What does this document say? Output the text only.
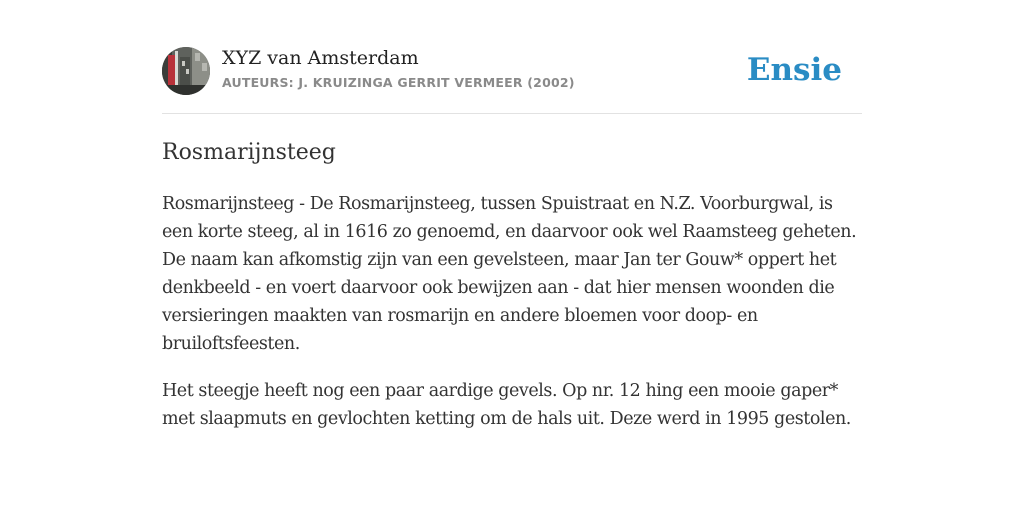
XYZ van Amsterdam
AUTEURS: J. KRUIZINGA GERRIT VERMEER (2002)	Ensie
Rosmarijnsteeg

Rosmarijnsteeg - De Rosmarijnsteeg, tussen Spuistraat en N.Z. Voorburgwal, is een korte steeg, al in 1616 zo genoemd, en daarvoor ook wel Raamsteeg geheten. De naam kan afkomstig zijn van een gevelsteen, maar Jan ter Gouw* oppert het denkbeeld - en voert daarvoor ook bewijzen aan - dat hier mensen woonden die versieringen maakten van rosmarijn en andere bloemen voor doop- en bruiloftsfeesten.

Het steegje heeft nog een paar aardige gevels. Op nr. 12 hing een mooie gaper* met slaapmuts en gevlochten ketting om de hals uit. Deze werd in 1995 gestolen.
